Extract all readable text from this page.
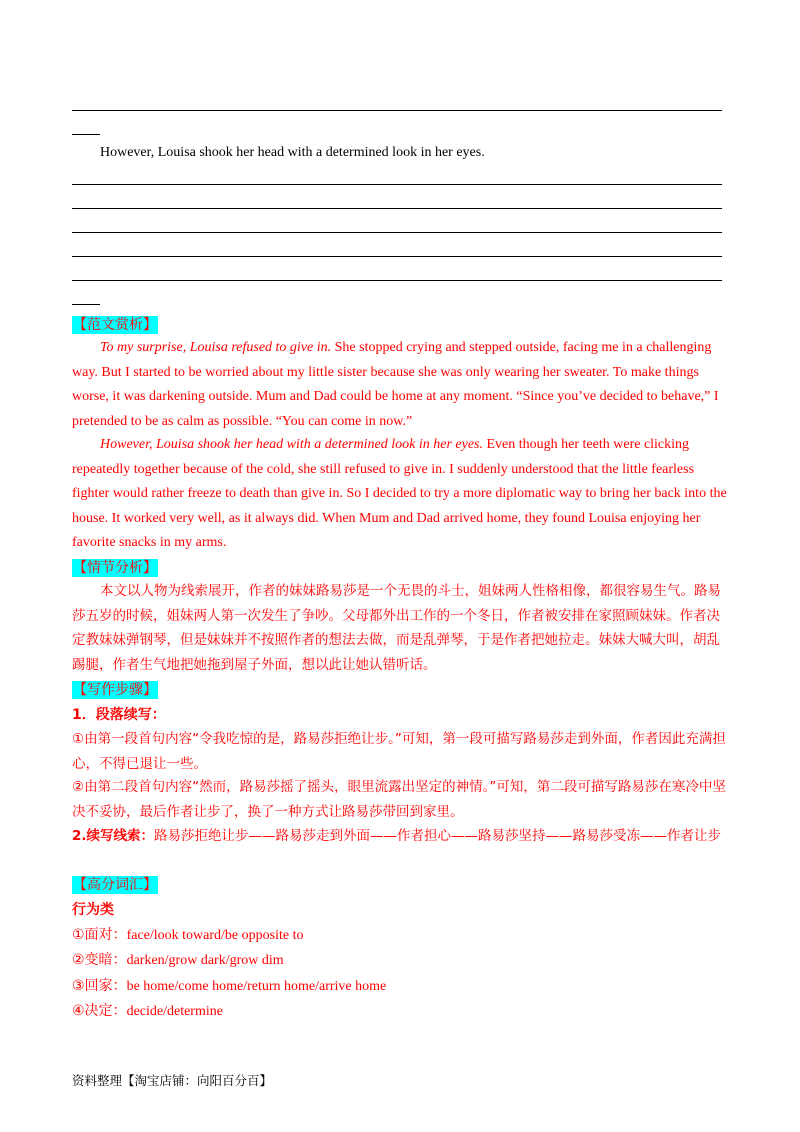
However, Louisa shook her head with a determined look in her eyes.
【范文赏析】
To my surprise, Louisa refused to give in. She stopped crying and stepped outside, facing me in a challenging way. But I started to be worried about my little sister because she was only wearing her sweater. To make things worse, it was darkening outside. Mum and Dad could be home at any moment. “Since you’ve decided to behave,” I pretended to be as calm as possible. “You can come in now.”
However, Louisa shook her head with a determined look in her eyes. Even though her teeth were clicking repeatedly together because of the cold, she still refused to give in. I suddenly understood that the little fearless fighter would rather freeze to death than give in. So I decided to try a more diplomatic way to bring her back into the house. It worked very well, as it always did. When Mum and Dad arrived home, they found Louisa enjoying her favorite snacks in my arms.
【情节分析】
本文以人物为线索展开，作者的妹妹路易莎是一个无畏的斗士，姐妹两人性格相像，都很容易生气。路易莎五岁的时候，姐妹两人第一次发生了争吵。父母都外出工作的一个冬日，作者被安排在家照顾妹妹。作者决定教妹妹弹钢琴，但是妹妹并不按照作者的想法去做，而是乱弹琴，于是作者把她拉走。妹妹大喊大叫，胡乱踢腿，作者生气地把她拖到屋子外面，想以此让她认错听话。
【写作步骤】
1．段落续写：
①由第一段首句内容“令我吃惊的是，路易莎拒绝让步。”可知，第一段可描写路易莎走到外面，作者因此充满担心，不得已退让一些。
②由第二段首句内容“然而，路易莎摇了摇头，眼里流露出坚定的神情。”可知，第二段可描写路易莎在寒冷中坚决不妥协，最后作者让步了，换了一种方式让路易莎带回到家里。
2.续写线索：路易莎拒绝让步——路易莎走到外面——作者担心——路易莎坚持——路易莎受冻——作者让步
【高分词汇】
行为类
①面对：face/look toward/be opposite to
②变暗：darken/grow dark/grow dim
③回家：be home/come home/return home/arrive home
④决定：decide/determine
资料整理【淘宝店铺：向阳百分百】
